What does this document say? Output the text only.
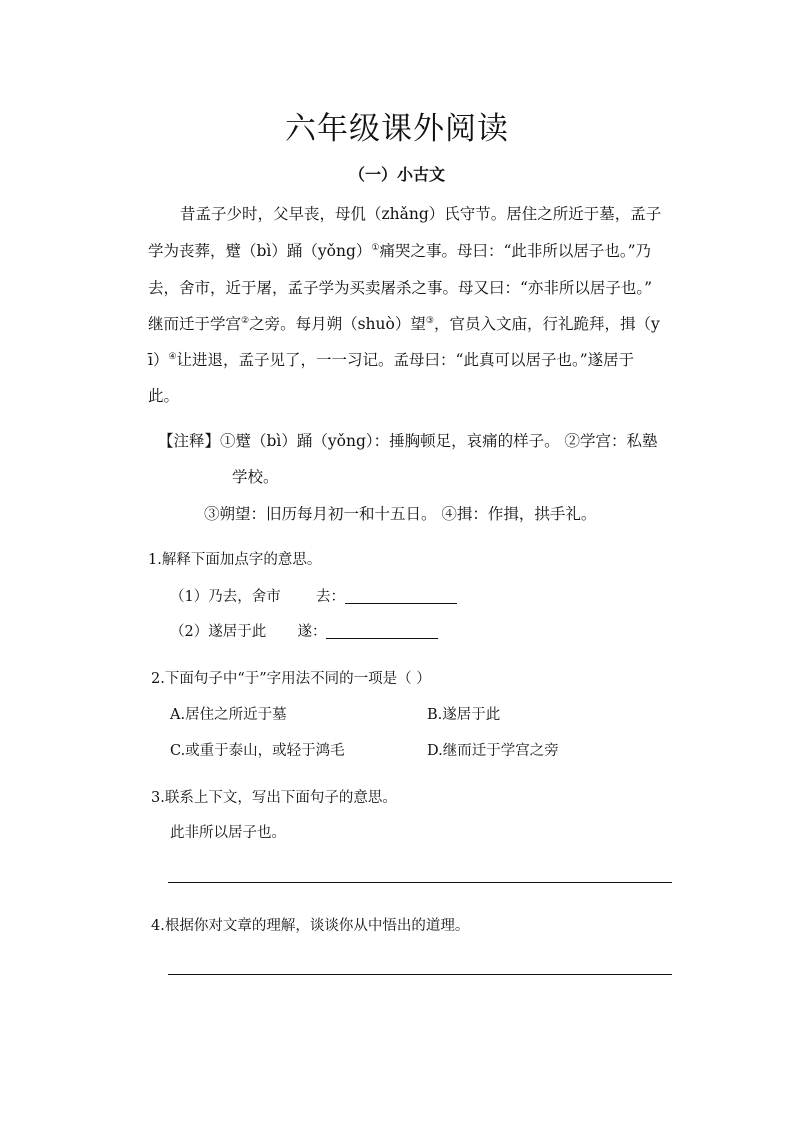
六年级课外阅读
（一）小古文
昔孟子少时，父早丧，母仉（zhǎng）氏守节。居住之所近于墓，孟子
学为丧葬，躄（bì）踊（yǒng）①痛哭之事。母曰：“此非所以居子也。”乃
去，舍市，近于屠，孟子学为买卖屠杀之事。母又曰：“亦非所以居子也。”
继而迁于学宫②之旁。每月朔（shuò）望③，官员入文庙，行礼跪拜，揖（y
ī）④让进退，孟子见了，一一习记。孟母曰：“此真可以居子也。”遂居于
此。
【注释】①躄（bì）踊（yǒng）：捶胸顿足，哀痛的样子。 ②学宫：私塾
学校。
③朔望：旧历每月初一和十五日。 ④揖：作揖，拱手礼。
1.解释下面加点字的意思。
（1）乃去，舍市 去：
（2）遂居于此 遂：
2.下面句子中“于”字用法不同的一项是（ ）
A.居住之所近于墓	B.遂居于此
C.或重于泰山，或轻于鸿毛	D.继而迁于学宫之旁
3.联系上下文，写出下面句子的意思。
此非所以居子也。
4.根据你对文章的理解，谈谈你从中悟出的道理。
